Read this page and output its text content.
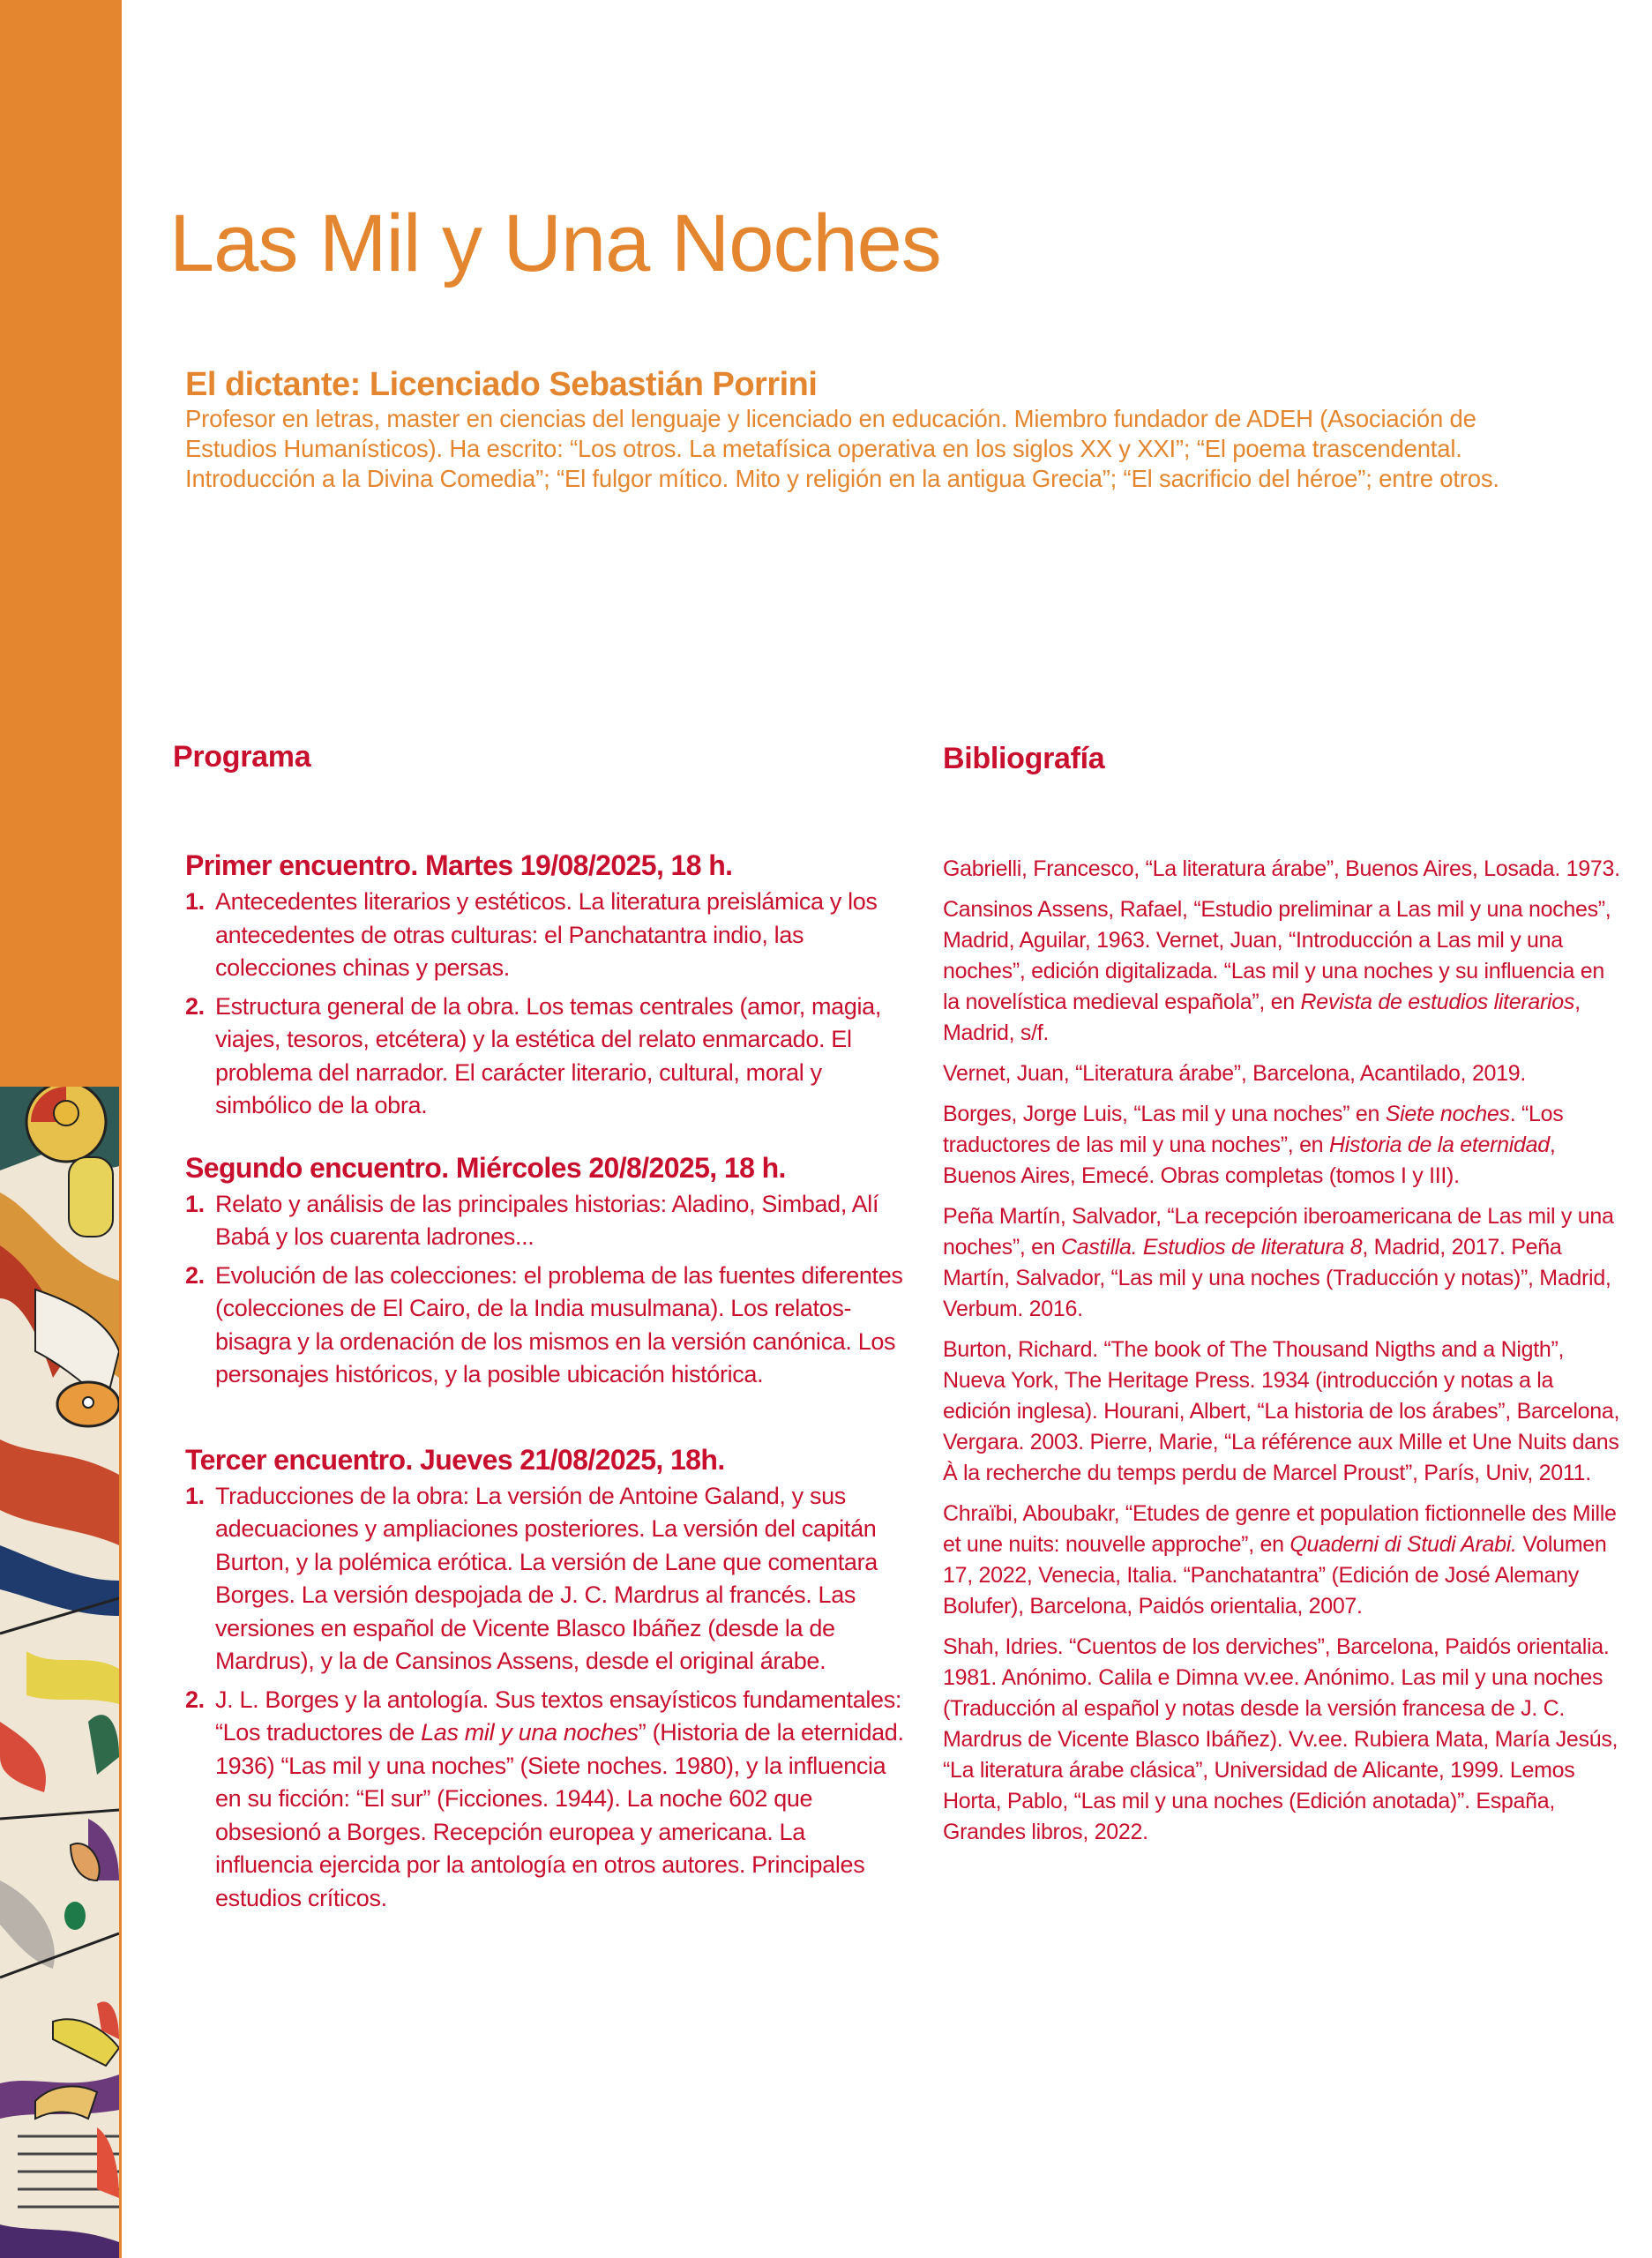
Las Mil y Una Noches
El dictante: Licenciado Sebastián Porrini

Profesor en letras, master en ciencias del lenguaje y licenciado en educación. Miembro fundador de ADEH (Asociación de Estudios Humanísticos). Ha escrito: “Los otros. La metafísica operativa en los siglos XX y XXI”; “El poema trascendental. Introducción a la Divina Comedia”; “El fulgor mítico. Mito y religión en la antigua Grecia”; “El sacrificio del héroe”; entre otros.

Programa
Primer encuentro. Martes 19/08/2025, 18 h.
1. Antecedentes literarios y estéticos. La literatura preislámica y los antecedentes de otras culturas: el Panchatantra indio, las colecciones chinas y persas.
2. Estructura general de la obra. Los temas centrales (amor, magia, viajes, tesoros, etcétera) y la estética del relato enmarcado. El problema del narrador. El carácter literario, cultural, moral y simbólico de la obra.
Segundo encuentro. Miércoles 20/8/2025, 18 h.
1. Relato y análisis de las principales historias: Aladino, Simbad, Alí Babá y los cuarenta ladrones...
2. Evolución de las colecciones: el problema de las fuentes diferentes (colecciones de El Cairo, de la India musulmana). Los relatos-bisagra y la ordenación de los mismos en la versión canónica. Los personajes históricos, y la posible ubicación histórica.
Tercer encuentro. Jueves 21/08/2025, 18h.
1. Traducciones de la obra: La versión de Antoine Galand, y sus adecuaciones y ampliaciones posteriores. La versión del capitán Burton, y la polémica erótica. La versión de Lane que comentara Borges. La versión despojada de J. C. Mardrus al francés. Las versiones en español de Vicente Blasco Ibáñez (desde la de Mardrus), y la de Cansinos Assens, desde el original árabe.
2. J. L. Borges y la antología. Sus textos ensayísticos fundamentales: “Los traductores de Las mil y una noches” (Historia de la eternidad. 1936) “Las mil y una noches” (Siete noches. 1980), y la influencia en su ficción: “El sur” (Ficciones. 1944). La noche 602 que obsesionó a Borges. Recepción europea y americana. La influencia ejercida por la antología en otros autores. Principales estudios críticos.
Bibliografía

Gabrielli, Francesco, “La literatura árabe”, Buenos Aires, Losada. 1973.

Cansinos Assens, Rafael, “Estudio preliminar a Las mil y una noches”, Madrid, Aguilar, 1963. Vernet, Juan, “Introducción a Las mil y una noches”, edición digitalizada. “Las mil y una noches y su influencia en la novelística medieval española”, en Revista de estudios literarios, Madrid, s/f.

Vernet, Juan, “Literatura árabe”, Barcelona, Acantilado, 2019.

Borges, Jorge Luis, “Las mil y una noches” en Siete noches. “Los traductores de las mil y una noches”, en Historia de la eternidad, Buenos Aires, Emecé. Obras completas (tomos I y III).

Peña Martín, Salvador, “La recepción iberoamericana de Las mil y una noches”, en Castilla. Estudios de literatura 8, Madrid, 2017. Peña Martín, Salvador, “Las mil y una noches (Traducción y notas)”, Madrid, Verbum. 2016.

Burton, Richard. “The book of The Thousand Nigths and a Nigth”, Nueva York, The Heritage Press. 1934 (introducción y notas a la edición inglesa). Hourani, Albert, “La historia de los árabes”, Barcelona, Vergara. 2003. Pierre, Marie, “La référence aux Mille et Une Nuits dans À la recherche du temps perdu de Marcel Proust”, París, Univ, 2011.

Chraïbi, Aboubakr, “Etudes de genre et population fictionnelle des Mille et une nuits: nouvelle approche”, en Quaderni di Studi Arabi. Volumen 17, 2022, Venecia, Italia. “Panchatantra” (Edición de José Alemany Bolufer), Barcelona, Paidós orientalia, 2007.

Shah, Idries. “Cuentos de los derviches”, Barcelona, Paidós orientalia. 1981. Anónimo. Calila e Dimna vv.ee. Anónimo. Las mil y una noches (Traducción al español y notas desde la versión francesa de J. C. Mardrus de Vicente Blasco Ibáñez). Vv.ee. Rubiera Mata, María Jesús, “La literatura árabe clásica”, Universidad de Alicante, 1999. Lemos Horta, Pablo, “Las mil y una noches (Edición anotada)”. España, Grandes libros, 2022.
